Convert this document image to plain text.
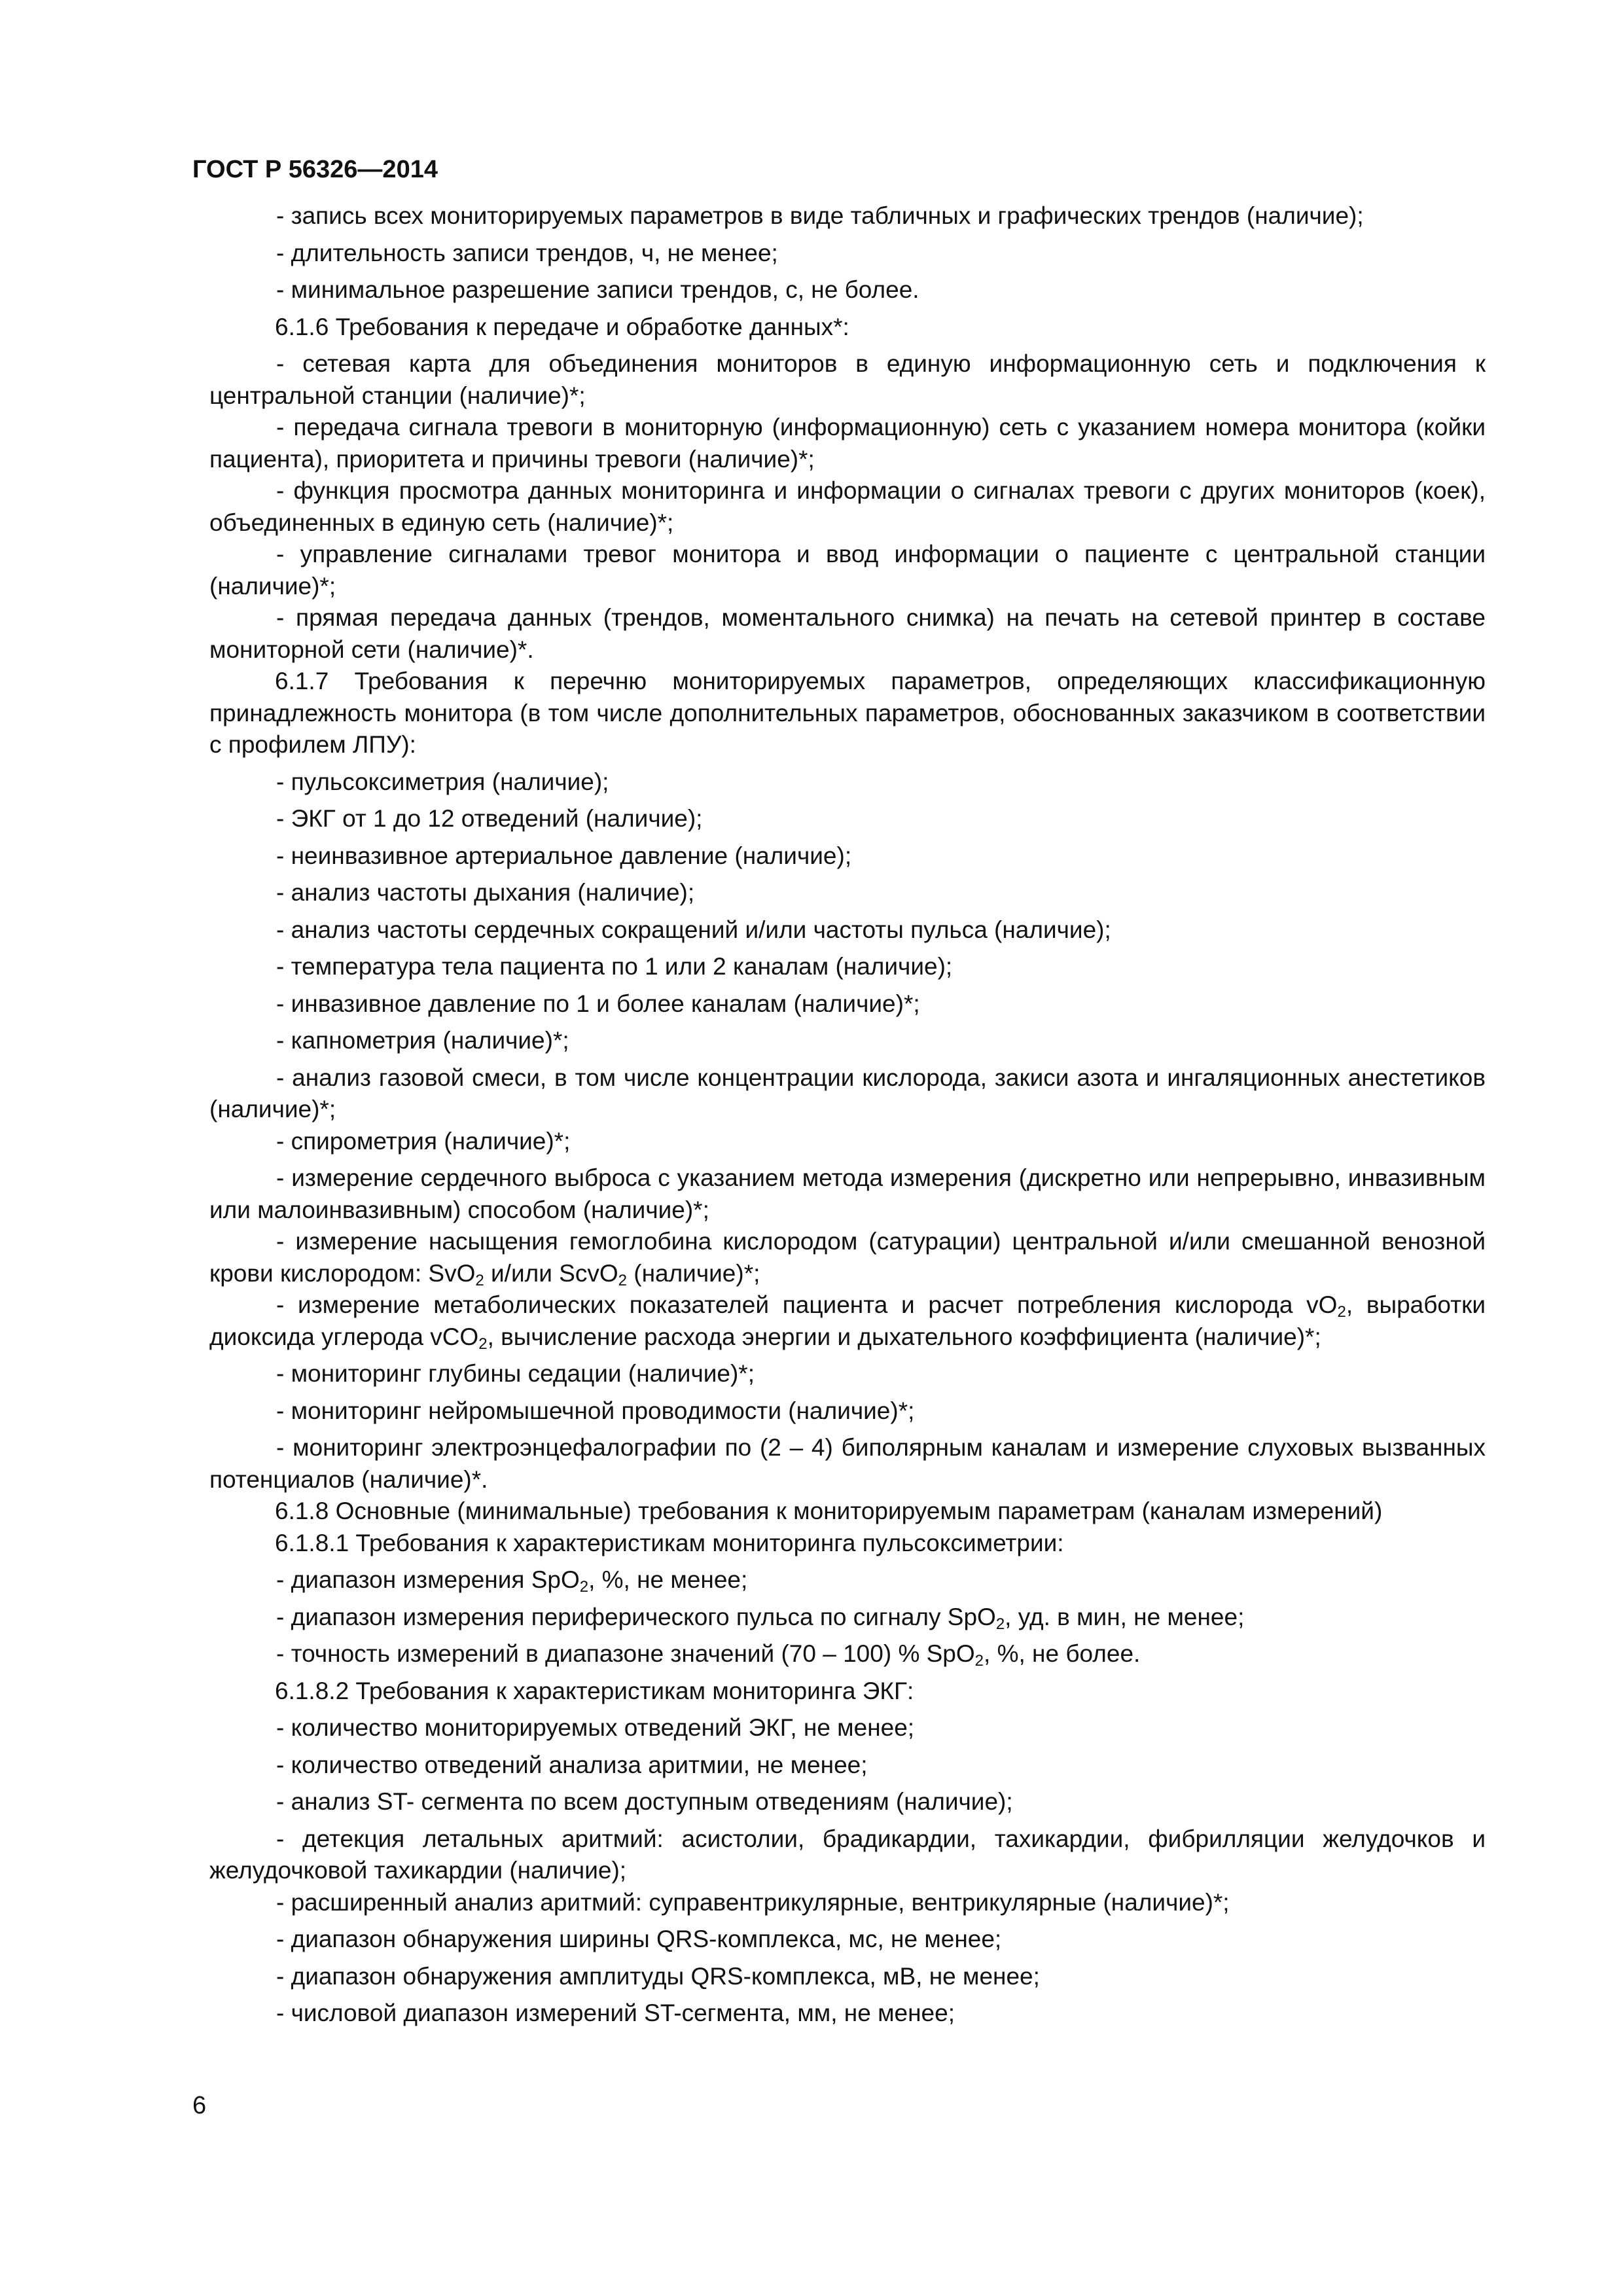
ГОСТ Р 56326—2014
- запись всех мониторируемых параметров в виде табличных и графических трендов (наличие);
- длительность записи трендов, ч, не менее;
- минимальное разрешение записи трендов, с, не более.
6.1.6 Требования к передаче и обработке данных*:
- сетевая карта для объединения мониторов в единую информационную сеть и подключения к центральной станции (наличие)*;
- передача сигнала тревоги в мониторную (информационную) сеть с указанием номера монитора (койки пациента), приоритета и причины тревоги (наличие)*;
- функция просмотра данных мониторинга и информации о сигналах тревоги с других мониторов (коек), объединенных в единую сеть (наличие)*;
- управление сигналами тревог монитора и ввод информации о пациенте с центральной станции (наличие)*;
- прямая передача данных (трендов, моментального снимка) на печать на сетевой принтер в составе мониторной сети (наличие)*.
6.1.7 Требования к перечню мониторируемых параметров, определяющих классификационную принадлежность монитора (в том числе дополнительных параметров, обоснованных заказчиком в соответствии с профилем ЛПУ):
- пульсоксиметрия (наличие);
- ЭКГ от 1 до 12 отведений (наличие);
- неинвазивное артериальное давление (наличие);
- анализ частоты дыхания (наличие);
- анализ частоты сердечных сокращений и/или частоты пульса (наличие);
- температура тела пациента по 1 или 2 каналам (наличие);
- инвазивное давление по 1 и более каналам (наличие)*;
- капнометрия (наличие)*;
- анализ газовой смеси, в том числе концентрации кислорода, закиси азота и ингаляционных анестетиков (наличие)*;
- спирометрия (наличие)*;
- измерение сердечного выброса с указанием метода измерения (дискретно или непрерывно, инвазивным или малоинвазивным) способом (наличие)*;
- измерение насыщения гемоглобина кислородом (сатурации) центральной и/или смешанной венозной крови кислородом: SvO$_2$ и/или ScvO$_2$ (наличие)*;
- измерение метаболических показателей пациента и расчет потребления кислорода $vO_2$, выработки диоксида углерода vCO$_2$, вычисление расхода энергии и дыхательного коэффициента (наличие)*;
- мониторинг глубины седации (наличие)*;
- мониторинг нейромышечной проводимости (наличие)*;
- мониторинг электроэнцефалографии по (2 – 4) биполярным каналам и измерение слуховых вызванных потенциалов (наличие)*.
6.1.8 Основные (минимальные) требования к мониторируемым параметрам (каналам измерений)
6.1.8.1 Требования к характеристикам мониторинга пульсоксиметрии:
- диапазон измерения SpO$_2$, %, не менее;
- диапазон измерения периферического пульса по сигналу SpO$_2$, уд. в мин, не менее;
- точность измерений в диапазоне значений (70 – 100) % SpO$_2$, %, не более.
6.1.8.2 Требования к характеристикам мониторинга ЭКГ:
- количество мониторируемых отведений ЭКГ, не менее;
- количество отведений анализа аритмии, не менее;
- анализ ST- сегмента по всем доступным отведениям (наличие);
- детекция летальных аритмий: асистолии, брадикардии, тахикардии, фибрилляции желудочков и желудочковой тахикардии (наличие);
- расширенный анализ аритмий: суправентрикулярные, вентрикулярные (наличие)*;
- диапазон обнаружения ширины QRS-комплекса, мс, не менее;
- диапазон обнаружения амплитуды QRS-комплекса, мВ, не менее;
- числовой диапазон измерений ST-сегмента, мм, не менее;
6
